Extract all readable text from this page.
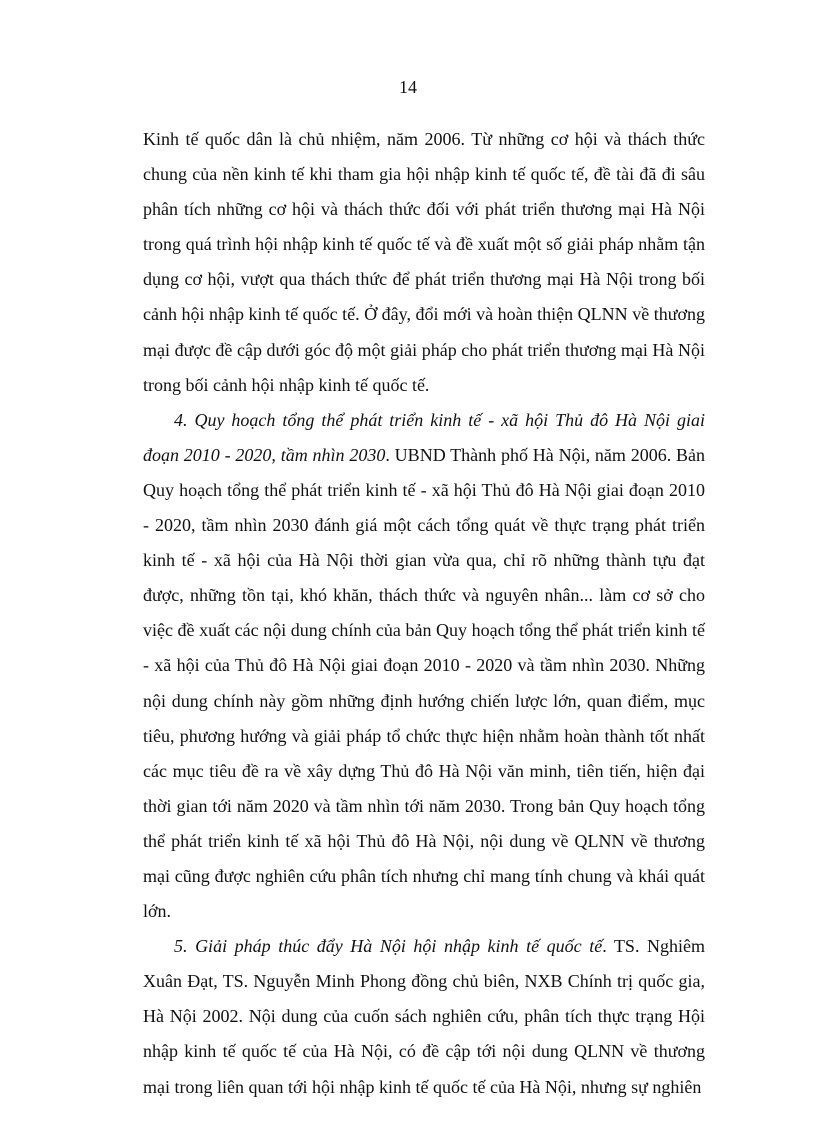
14

Kinh tế quốc dân là chủ nhiệm, năm 2006. Từ những cơ hội và thách thức chung của nền kinh tế khi tham gia hội nhập kinh tế quốc tế, đề tài đã đi sâu phân tích những cơ hội và thách thức đối với phát triển thương mại Hà Nội trong quá trình hội nhập kinh tế quốc tế và đề xuất một số giải pháp nhằm tận dụng cơ hội, vượt qua thách thức để phát triển thương mại Hà Nội trong bối cảnh hội nhập kinh tế quốc tế. Ở đây, đổi mới và hoàn thiện QLNN về thương mại được đề cập dưới góc độ một giải pháp cho phát triển thương mại Hà Nội trong bối cảnh hội nhập kinh tế quốc tế.

4. Quy hoạch tổng thể phát triển kinh tế - xã hội Thủ đô Hà Nội giai đoạn 2010 - 2020, tầm nhìn 2030. UBND Thành phố Hà Nội, năm 2006. Bản Quy hoạch tổng thể phát triển kinh tế - xã hội Thủ đô Hà Nội giai đoạn 2010 - 2020, tầm nhìn 2030 đánh giá một cách tổng quát về thực trạng phát triển kinh tế - xã hội của Hà Nội thời gian vừa qua, chỉ rõ những thành tựu đạt được, những tồn tại, khó khăn, thách thức và nguyên nhân... làm cơ sở cho việc đề xuất các nội dung chính của bản Quy hoạch tổng thể phát triển kinh tế - xã hội của Thủ đô Hà Nội giai đoạn 2010 - 2020 và tầm nhìn 2030. Những nội dung chính này gồm những định hướng chiến lược lớn, quan điểm, mục tiêu, phương hướng và giải pháp tổ chức thực hiện nhằm hoàn thành tốt nhất các mục tiêu đề ra về xây dựng Thủ đô Hà Nội văn minh, tiên tiến, hiện đại thời gian tới năm 2020 và tầm nhìn tới năm 2030. Trong bản Quy hoạch tổng thể phát triển kinh tế xã hội Thủ đô Hà Nội, nội dung về QLNN về thương mại cũng được nghiên cứu phân tích nhưng chỉ mang tính chung và khái quát lớn.

5. Giải pháp thúc đẩy Hà Nội hội nhập kinh tế quốc tế. TS. Nghiêm Xuân Đạt, TS. Nguyễn Minh Phong đồng chủ biên, NXB Chính trị quốc gia, Hà Nội 2002. Nội dung của cuốn sách nghiên cứu, phân tích thực trạng Hội nhập kinh tế quốc tế của Hà Nội, có đề cập tới nội dung QLNN về thương mại trong liên quan tới hội nhập kinh tế quốc tế của Hà Nội, nhưng sự nghiên
